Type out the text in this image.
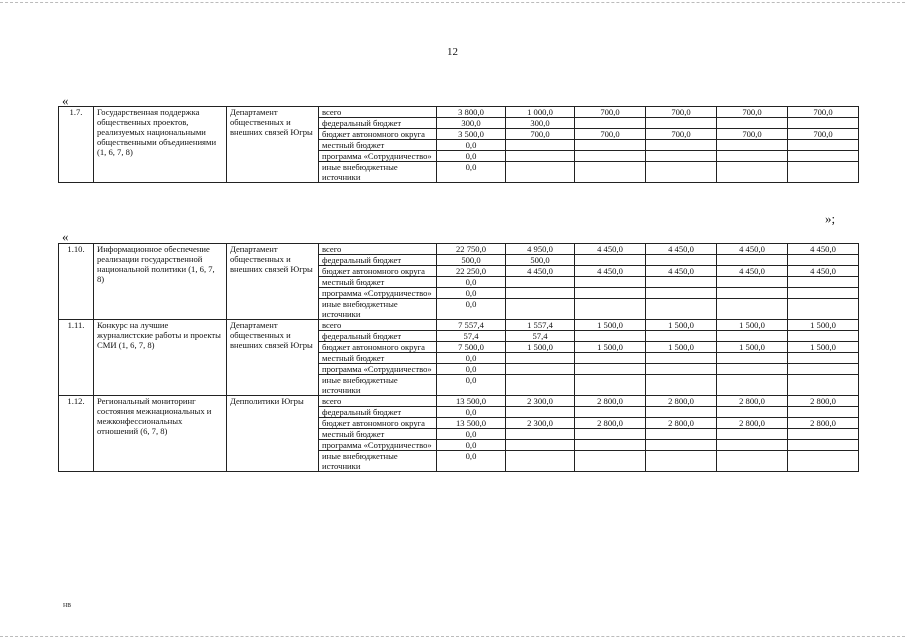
12
«
1.7.	Государственная поддержка общественных проектов, реализуемых национальными общественными объединениями (1, 6, 7, 8)	Департамент общественных и внешних связей Югры	всего	3 800,0	1 000,0	700,0	700,0	700,0	700,0
			федеральный бюджет	300,0	300,0				
			бюджет автономного округа	3 500,0	700,0	700,0	700,0	700,0	700,0
			местный бюджет	0,0					
			программа «Сотрудничество»	0,0					
			иные внебюджетные источники	0,0					
»;
«
1.10.	Информационное обеспечение реализации государственной национальной политики (1, 6, 7, 8)	Департамент общественных и внешних связей Югры	всего	22 750,0	4 950,0	4 450,0	4 450,0	4 450,0	4 450,0
			федеральный бюджет	500,0	500,0				
			бюджет автономного округа	22 250,0	4 450,0	4 450,0	4 450,0	4 450,0	4 450,0
			местный бюджет	0,0					
			программа «Сотрудничество»	0,0					
			иные внебюджетные источники	0,0					
1.11.	Конкурс на лучшие журналистские работы и проекты СМИ (1, 6, 7, 8)	Департамент общественных и внешних связей Югры	всего	7 557,4	1 557,4	1 500,0	1 500,0	1 500,0	1 500,0
			федеральный бюджет	57,4	57,4				
			бюджет автономного округа	7 500,0	1 500,0	1 500,0	1 500,0	1 500,0	1 500,0
			местный бюджет	0,0					
			программа «Сотрудничество»	0,0					
			иные внебюджетные источники	0,0					
1.12.	Региональный мониторинг состояния межнациональных и межконфессиональных отношений (6, 7, 8)	Депполитики Югры	всего	13 500,0	2 300,0	2 800,0	2 800,0	2 800,0	2 800,0
			федеральный бюджет	0,0					
			бюджет автономного округа	13 500,0	2 300,0	2 800,0	2 800,0	2 800,0	2 800,0
			местный бюджет	0,0					
			программа «Сотрудничество»	0,0					
			иные внебюджетные источники	0,0					
нв
